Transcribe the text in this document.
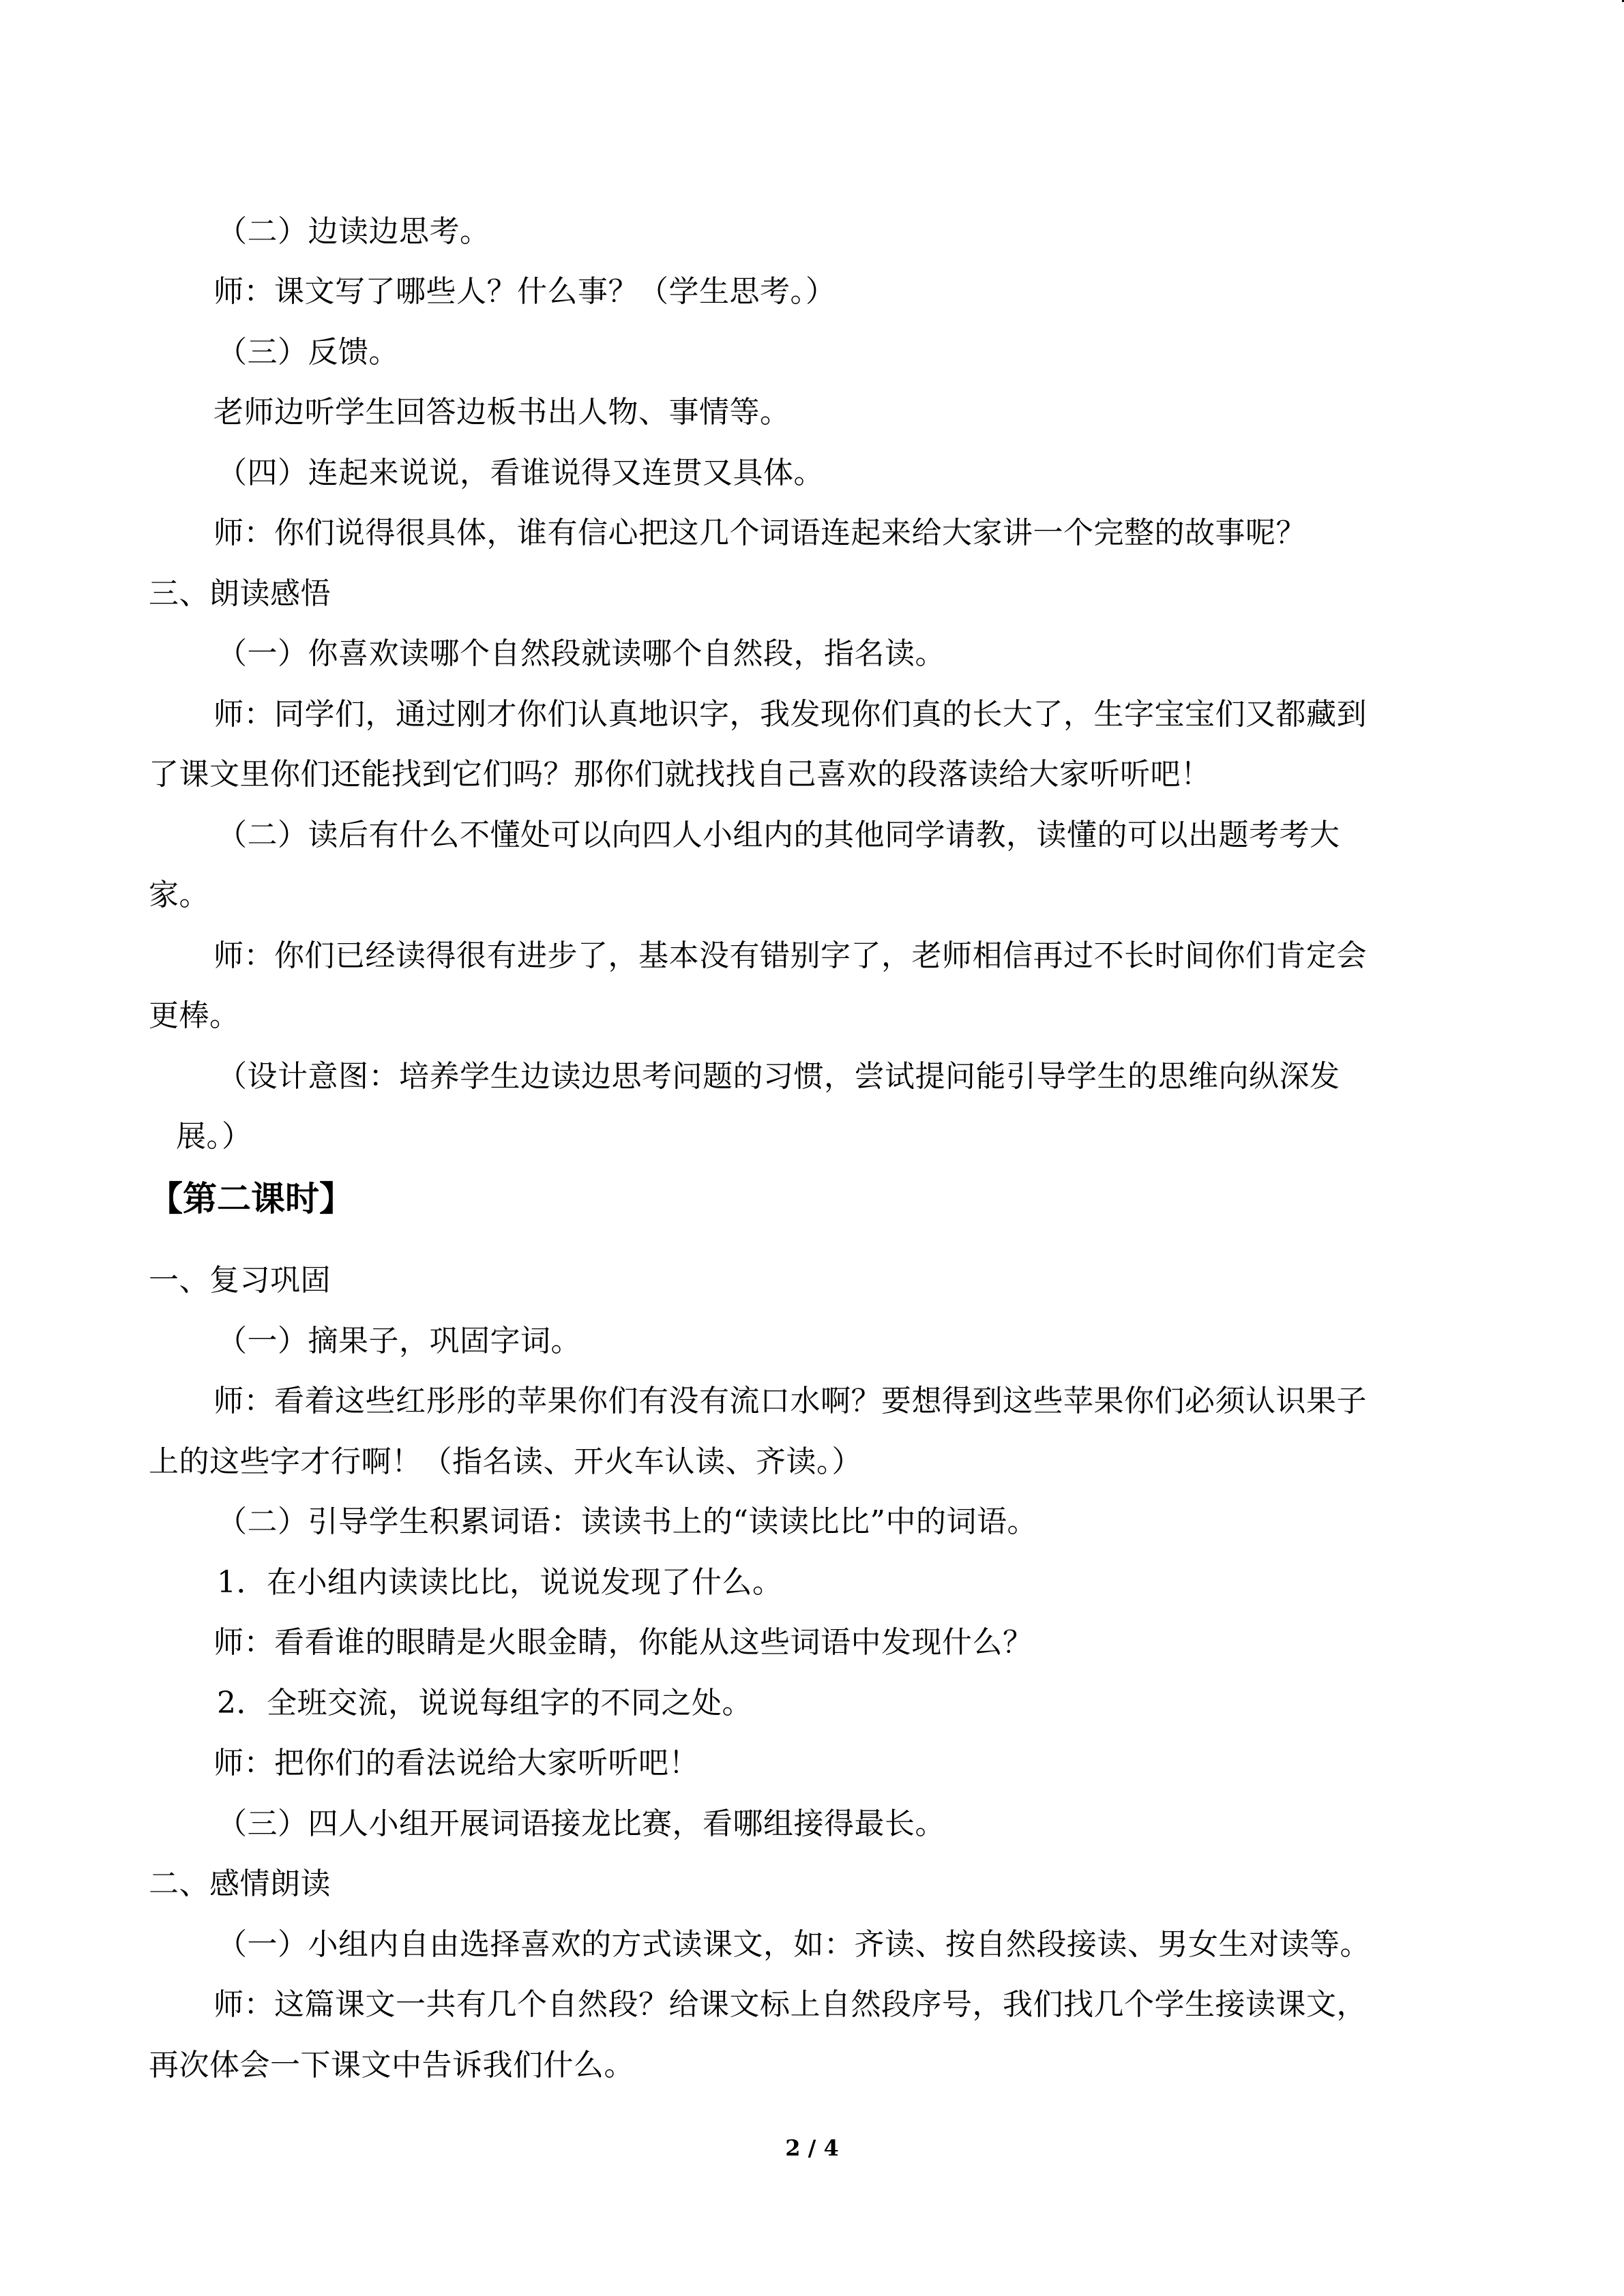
（二）边读边思考。
师：课文写了哪些人？什么事？（学生思考。）
（三）反馈。
老师边听学生回答边板书出人物、事情等。
（四）连起来说说，看谁说得又连贯又具体。
师：你们说得很具体，谁有信心把这几个词语连起来给大家讲一个完整的故事呢？
三、朗读感悟
（一）你喜欢读哪个自然段就读哪个自然段，指名读。
师：同学们，通过刚才你们认真地识字，我发现你们真的长大了，生字宝宝们又都藏到
了课文里你们还能找到它们吗？那你们就找找自己喜欢的段落读给大家听听吧！
（二）读后有什么不懂处可以向四人小组内的其他同学请教，读懂的可以出题考考大
家。
师：你们已经读得很有进步了，基本没有错别字了，老师相信再过不长时间你们肯定会
更棒。
（设计意图：培养学生边读边思考问题的习惯，尝试提问能引导学生的思维向纵深发
展。）
【第二课时】
一、复习巩固
（一）摘果子，巩固字词。
师：看着这些红彤彤的苹果你们有没有流口水啊？要想得到这些苹果你们必须认识果子
上的这些字才行啊！（指名读、开火车认读、齐读。）
（二）引导学生积累词语：读读书上的“读读比比”中的词语。
1．在小组内读读比比，说说发现了什么。
师：看看谁的眼睛是火眼金睛，你能从这些词语中发现什么？
2．全班交流，说说每组字的不同之处。
师：把你们的看法说给大家听听吧！
（三）四人小组开展词语接龙比赛，看哪组接得最长。
二、感情朗读
（一）小组内自由选择喜欢的方式读课文，如：齐读、按自然段接读、男女生对读等。
师：这篇课文一共有几个自然段？给课文标上自然段序号，我们找几个学生接读课文，
再次体会一下课文中告诉我们什么。
2 / 4
